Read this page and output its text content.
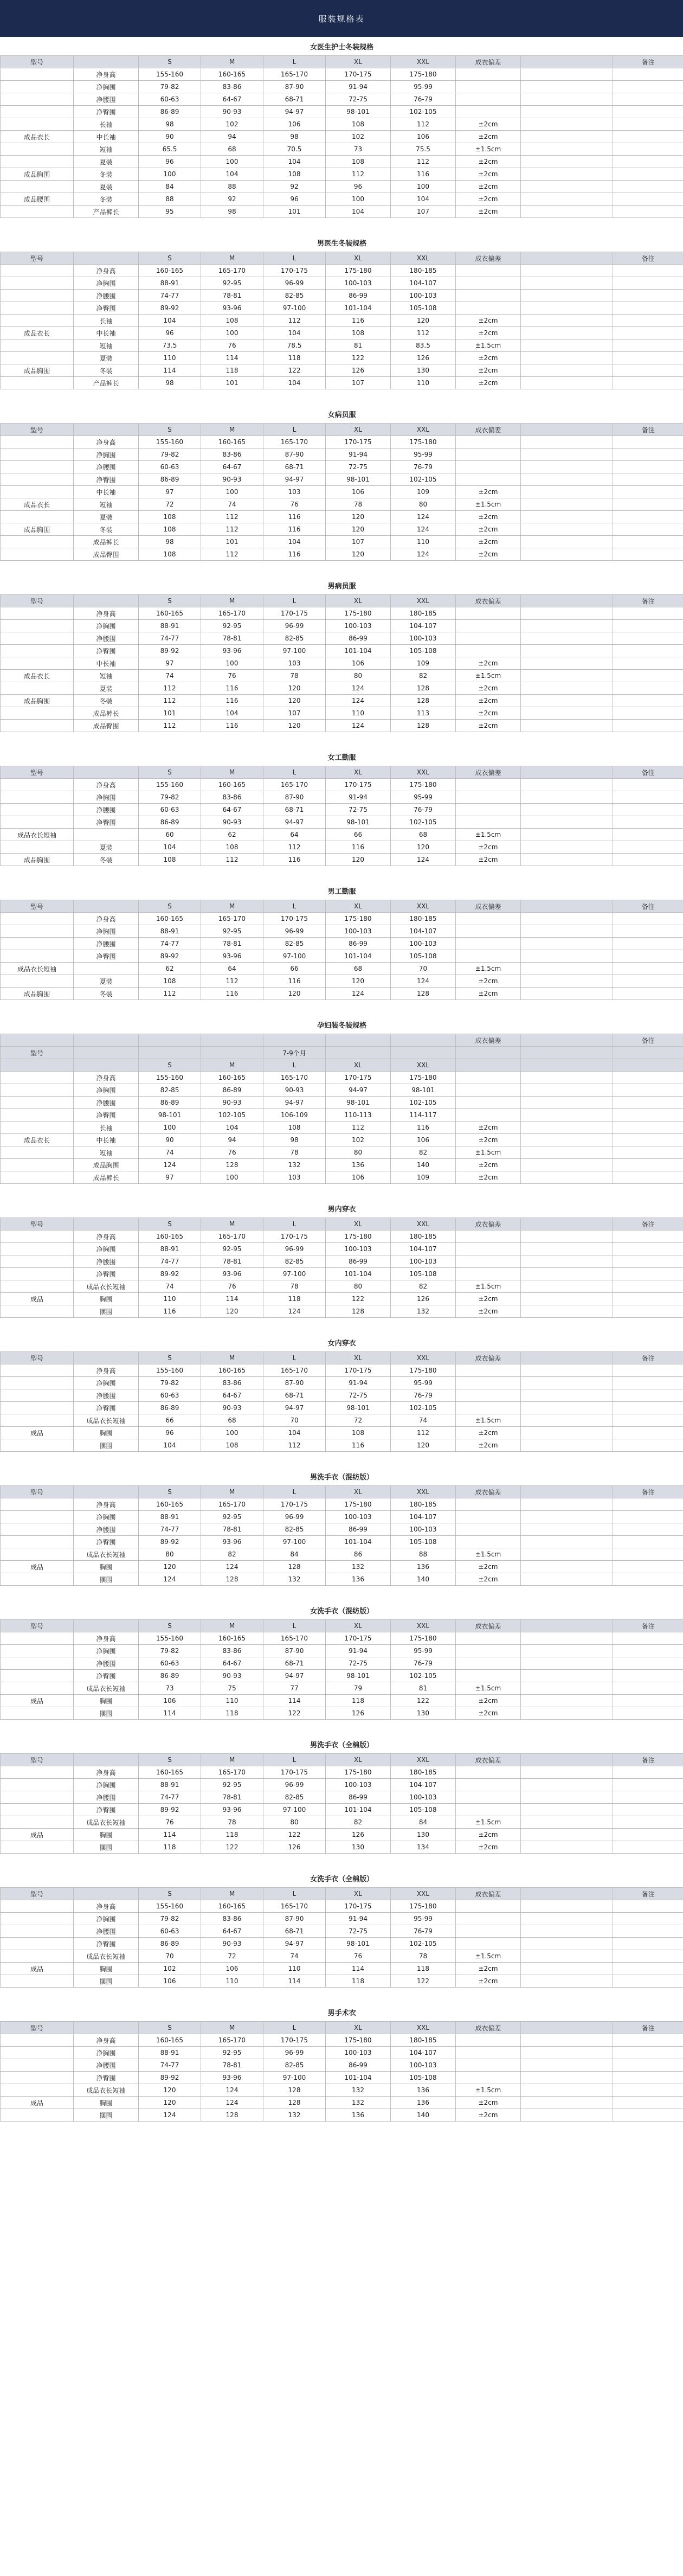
服装规格表
女医生护士冬装规格									
型号		S	M	L	XL	XXL	成衣偏差		备注
	净身高	155-160	160-165	165-170	170-175	175-180			
	净胸围	79-82	83-86	87-90	91-94	95-99			
	净腰围	60-63	64-67	68-71	72-75	76-79			
	净臀围	86-89	90-93	94-97	98-101	102-105			
	长袖	98	102	106	108	112	±2cm		
成品衣长	中长袖	90	94	98	102	106	±2cm		
	短袖	65.5	68	70.5	73	75.5	±1.5cm		
	夏装	96	100	104	108	112	±2cm		
成品胸围	冬装	100	104	108	112	116	±2cm		
	夏装	84	88	92	96	100	±2cm		
成品腰围	冬装	88	92	96	100	104	±2cm		
	产品裤长	95	98	101	104	107	±2cm		

男医生冬装规格									
型号		S	M	L	XL	XXL	成衣偏差		备注
	净身高	160-165	165-170	170-175	175-180	180-185			
	净胸围	88-91	92-95	96-99	100-103	104-107			
	净腰围	74-77	78-81	82-85	86-99	100-103			
	净臀围	89-92	93-96	97-100	101-104	105-108			
	长袖	104	108	112	116	120	±2cm		
成品衣长	中长袖	96	100	104	108	112	±2cm		
	短袖	73.5	76	78.5	81	83.5	±1.5cm		
	夏装	110	114	118	122	126	±2cm		
成品胸围	冬装	114	118	122	126	130	±2cm		
	产品裤长	98	101	104	107	110	±2cm		

女病员服									
型号		S	M	L	XL	XXL	成衣偏差		备注
	净身高	155-160	160-165	165-170	170-175	175-180			
	净胸围	79-82	83-86	87-90	91-94	95-99			
	净腰围	60-63	64-67	68-71	72-75	76-79			
	净臀围	86-89	90-93	94-97	98-101	102-105			
	中长袖	97	100	103	106	109	±2cm		
成品衣长	短袖	72	74	76	78	80	±1.5cm		
	夏装	108	112	116	120	124	±2cm		
成品胸围	冬装	108	112	116	120	124	±2cm		
	成品裤长	98	101	104	107	110	±2cm		
	成品臀围	108	112	116	120	124	±2cm		

男病员服									
型号		S	M	L	XL	XXL	成衣偏差		备注
	净身高	160-165	165-170	170-175	175-180	180-185			
	净胸围	88-91	92-95	96-99	100-103	104-107			
	净腰围	74-77	78-81	82-85	86-99	100-103			
	净臀围	89-92	93-96	97-100	101-104	105-108			
	中长袖	97	100	103	106	109	±2cm		
成品衣长	短袖	74	76	78	80	82	±1.5cm		
	夏装	112	116	120	124	128	±2cm		
成品胸围	冬装	112	116	120	124	128	±2cm		
	成品裤长	101	104	107	110	113	±2cm		
	成品臀围	112	116	120	124	128	±2cm		

女工勤服									
型号		S	M	L	XL	XXL	成衣偏差		备注
	净身高	155-160	160-165	165-170	170-175	175-180			
	净胸围	79-82	83-86	87-90	91-94	95-99			
	净腰围	60-63	64-67	68-71	72-75	76-79			
	净臀围	86-89	90-93	94-97	98-101	102-105			
成品衣长短袖		60	62	64	66	68	±1.5cm		
	夏装	104	108	112	116	120	±2cm		
成品胸围	冬装	108	112	116	120	124	±2cm		

男工勤服									
型号		S	M	L	XL	XXL	成衣偏差		备注
	净身高	160-165	165-170	170-175	175-180	180-185			
	净胸围	88-91	92-95	96-99	100-103	104-107			
	净腰围	74-77	78-81	82-85	86-99	100-103			
	净臀围	89-92	93-96	97-100	101-104	105-108			
成品衣长短袖		62	64	66	68	70	±1.5cm		
	夏装	108	112	116	120	124	±2cm		
成品胸围	冬装	112	116	120	124	128	±2cm		

孕妇装冬装规格									
							成衣偏差		备注
型号				7-9个月					
		S	M	L	XL	XXL			
	净身高	155-160	160-165	165-170	170-175	175-180			
	净胸围	82-85	86-89	90-93	94-97	98-101			
	净腰围	86-89	90-93	94-97	98-101	102-105			
	净臀围	98-101	102-105	106-109	110-113	114-117			
	长袖	100	104	108	112	116	±2cm		
成品衣长	中长袖	90	94	98	102	106	±2cm		
	短袖	74	76	78	80	82	±1.5cm		
	成品胸围	124	128	132	136	140	±2cm		
	成品裤长	97	100	103	106	109	±2cm		

男内穿衣									
型号		S	M	L	XL	XXL	成衣偏差		备注
	净身高	160-165	165-170	170-175	175-180	180-185			
	净胸围	88-91	92-95	96-99	100-103	104-107			
	净腰围	74-77	78-81	82-85	86-99	100-103			
	净臀围	89-92	93-96	97-100	101-104	105-108			
	成品衣长短袖	74	76	78	80	82	±1.5cm		
成品	胸围	110	114	118	122	126	±2cm		
	摆围	116	120	124	128	132	±2cm		

女内穿衣									
型号		S	M	L	XL	XXL	成衣偏差		备注
	净身高	155-160	160-165	165-170	170-175	175-180			
	净胸围	79-82	83-86	87-90	91-94	95-99			
	净腰围	60-63	64-67	68-71	72-75	76-79			
	净臀围	86-89	90-93	94-97	98-101	102-105			
	成品衣长短袖	66	68	70	72	74	±1.5cm		
成品	胸围	96	100	104	108	112	±2cm		
	摆围	104	108	112	116	120	±2cm		

男洗手衣（混纺版）									
型号		S	M	L	XL	XXL	成衣偏差		备注
	净身高	160-165	165-170	170-175	175-180	180-185			
	净胸围	88-91	92-95	96-99	100-103	104-107			
	净腰围	74-77	78-81	82-85	86-99	100-103			
	净臀围	89-92	93-96	97-100	101-104	105-108			
	成品衣长短袖	80	82	84	86	88	±1.5cm		
成品	胸围	120	124	128	132	136	±2cm		
	摆围	124	128	132	136	140	±2cm		

女洗手衣（混纺版）									
型号		S	M	L	XL	XXL	成衣偏差		备注
	净身高	155-160	160-165	165-170	170-175	175-180			
	净胸围	79-82	83-86	87-90	91-94	95-99			
	净腰围	60-63	64-67	68-71	72-75	76-79			
	净臀围	86-89	90-93	94-97	98-101	102-105			
	成品衣长短袖	73	75	77	79	81	±1.5cm		
成品	胸围	106	110	114	118	122	±2cm		
	摆围	114	118	122	126	130	±2cm		

男洗手衣（全棉版）									
型号		S	M	L	XL	XXL	成衣偏差		备注
	净身高	160-165	165-170	170-175	175-180	180-185			
	净胸围	88-91	92-95	96-99	100-103	104-107			
	净腰围	74-77	78-81	82-85	86-99	100-103			
	净臀围	89-92	93-96	97-100	101-104	105-108			
	成品衣长短袖	76	78	80	82	84	±1.5cm		
成品	胸围	114	118	122	126	130	±2cm		
	摆围	118	122	126	130	134	±2cm		

女洗手衣（全棉版）									
型号		S	M	L	XL	XXL	成衣偏差		备注
	净身高	155-160	160-165	165-170	170-175	175-180			
	净胸围	79-82	83-86	87-90	91-94	95-99			
	净腰围	60-63	64-67	68-71	72-75	76-79			
	净臀围	86-89	90-93	94-97	98-101	102-105			
	成品衣长短袖	70	72	74	76	78	±1.5cm		
成品	胸围	102	106	110	114	118	±2cm		
	摆围	106	110	114	118	122	±2cm		

男手术衣									
型号		S	M	L	XL	XXL	成衣偏差		备注
	净身高	160-165	165-170	170-175	175-180	180-185			
	净胸围	88-91	92-95	96-99	100-103	104-107			
	净腰围	74-77	78-81	82-85	86-99	100-103			
	净臀围	89-92	93-96	97-100	101-104	105-108			
	成品衣长短袖	120	124	128	132	136	±1.5cm		
成品	胸围	120	124	128	132	136	±2cm		
	摆围	124	128	132	136	140	±2cm		
